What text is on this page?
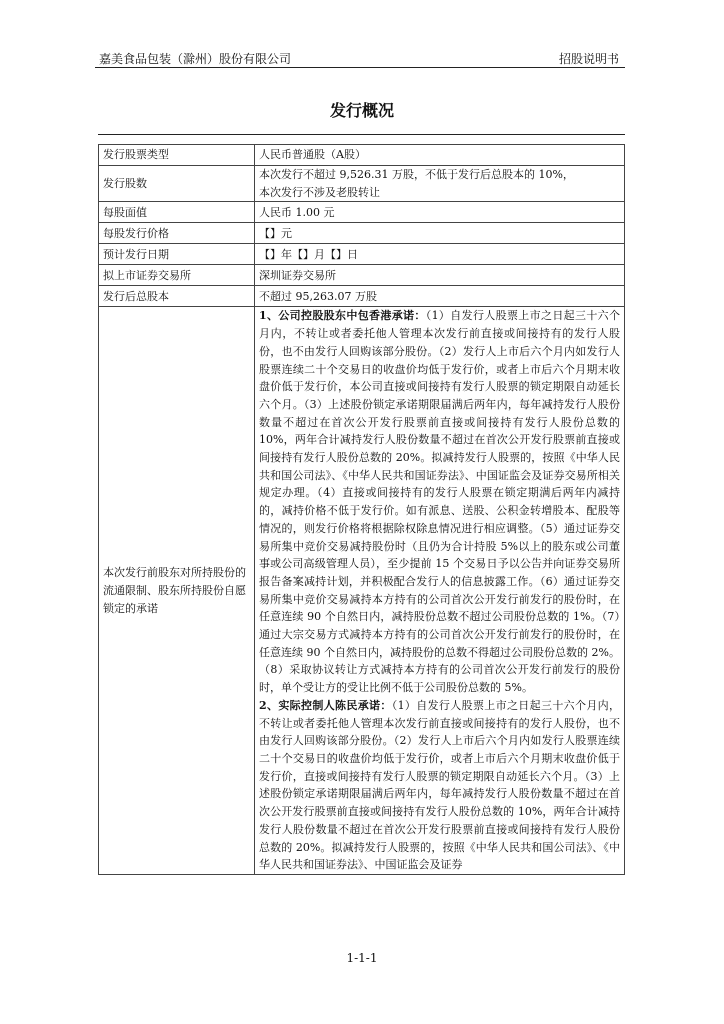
嘉美食品包装（滁州）股份有限公司	招股说明书
发行概况
发行股票类型	人民币普通股（A股）
发行股数	本次发行不超过 9,526.31 万股，不低于发行后总股本的 10%，
本次发行不涉及老股转让

每股面值	人民币 1.00 元
每股发行价格	【】元
预计发行日期	【】年【】月【】日
拟上市证券交易所	深圳证券交易所
发行后总股本	不超过 95,263.07 万股
本次发行前股东对所持股份的流通限制、股东所持股份自愿锁定的承诺	1、公司控股股东中包香港承诺：（1）自发行人股票上市之日起三十六个月内，不转让或者委托他人管理本次发行前直接或间接持有的发行人股份，也不由发行人回购该部分股份。（2）发行人上市后六个月内如发行人股票连续二十个交易日的收盘价均低于发行价，或者上市后六个月期末收盘价低于发行价，本公司直接或间接持有发行人股票的锁定期限自动延长六个月。（3）上述股份锁定承诺期限届满后两年内，每年减持发行人股份数量不超过在首次公开发行股票前直接或间接持有发行人股份总数的 10%，两年合计减持发行人股份数量不超过在首次公开发行股票前直接或间接持有发行人股份总数的 20%。拟减持发行人股票的，按照《中华人民共和国公司法》、《中华人民共和国证券法》、中国证监会及证券交易所相关规定办理。（4）直接或间接持有的发行人股票在锁定期满后两年内减持的，减持价格不低于发行价。如有派息、送股、公积金转增股本、配股等情况的，则发行价格将根据除权除息情况进行相应调整。（5）通过证券交易所集中竞价交易减持股份时（且仍为合计持股 5%以上的股东或公司董事或公司高级管理人员），至少提前 15 个交易日予以公告并向证券交易所报告备案减持计划，并积极配合发行人的信息披露工作。（6）通过证券交易所集中竞价交易减持本方持有的公司首次公开发行前发行的股份时，在任意连续 90 个自然日内，减持股份总数不超过公司股份总数的 1%。（7）通过大宗交易方式减持本方持有的公司首次公开发行前发行的股份时，在任意连续 90 个自然日内，减持股份的总数不得超过公司股份总数的 2%。（8）采取协议转让方式减持本方持有的公司首次公开发行前发行的股份时，单个受让方的受让比例不低于公司股份总数的 5%。
2、实际控制人陈民承诺：（1）自发行人股票上市之日起三十六个月内，不转让或者委托他人管理本次发行前直接或间接持有的发行人股份，也不由发行人回购该部分股份。（2）发行人上市后六个月内如发行人股票连续二十个交易日的收盘价均低于发行价，或者上市后六个月期末收盘价低于发行价，直接或间接持有发行人股票的锁定期限自动延长六个月。（3）上述股份锁定承诺期限届满后两年内，每年减持发行人股份数量不超过在首次公开发行股票前直接或间接持有发行人股份总数的 10%，两年合计减持发行人股份数量不超过在首次公开发行股票前直接或间接持有发行人股份总数的 20%。拟减持发行人股票的，按照《中华人民共和国公司法》、《中华人民共和国证券法》、中国证监会及证券
1-1-1
